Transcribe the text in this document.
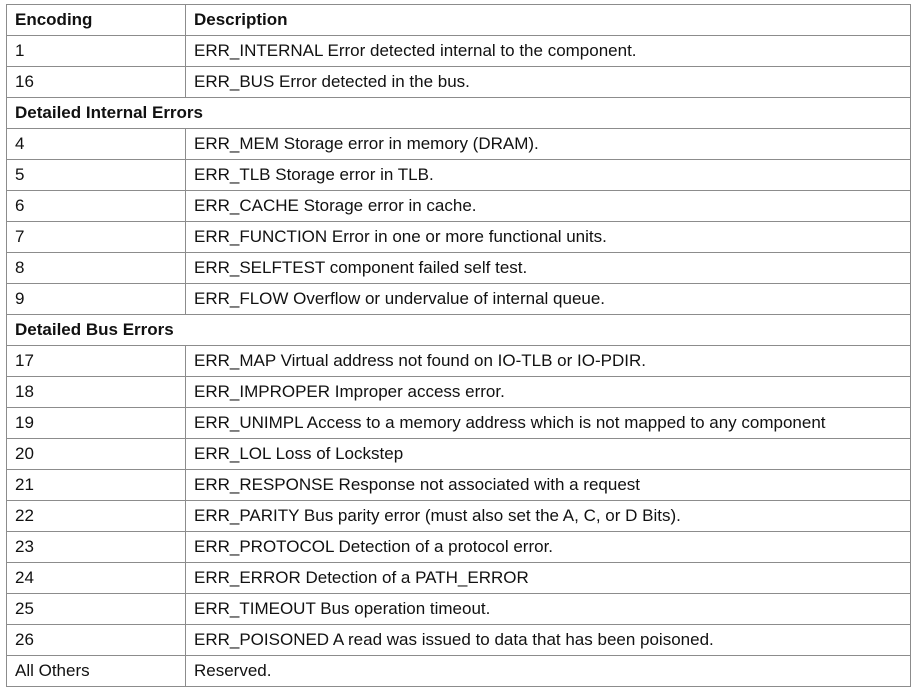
Encoding	Description
1	ERR_INTERNAL Error detected internal to the component.
16	ERR_BUS Error detected in the bus.
Detailed Internal Errors	
4	ERR_MEM Storage error in memory (DRAM).
5	ERR_TLB Storage error in TLB.
6	ERR_CACHE Storage error in cache.
7	ERR_FUNCTION Error in one or more functional units.
8	ERR_SELFTEST component failed self test.
9	ERR_FLOW Overflow or undervalue of internal queue.
Detailed Bus Errors	
17	ERR_MAP Virtual address not found on IO-TLB or IO-PDIR.
18	ERR_IMPROPER Improper access error.
19	ERR_UNIMPL Access to a memory address which is not mapped to any component
20	ERR_LOL Loss of Lockstep
21	ERR_RESPONSE Response not associated with a request
22	ERR_PARITY Bus parity error (must also set the A, C, or D Bits).
23	ERR_PROTOCOL Detection of a protocol error.
24	ERR_ERROR Detection of a PATH_ERROR
25	ERR_TIMEOUT Bus operation timeout.
26	ERR_POISONED A read was issued to data that has been poisoned.
All Others	Reserved.
